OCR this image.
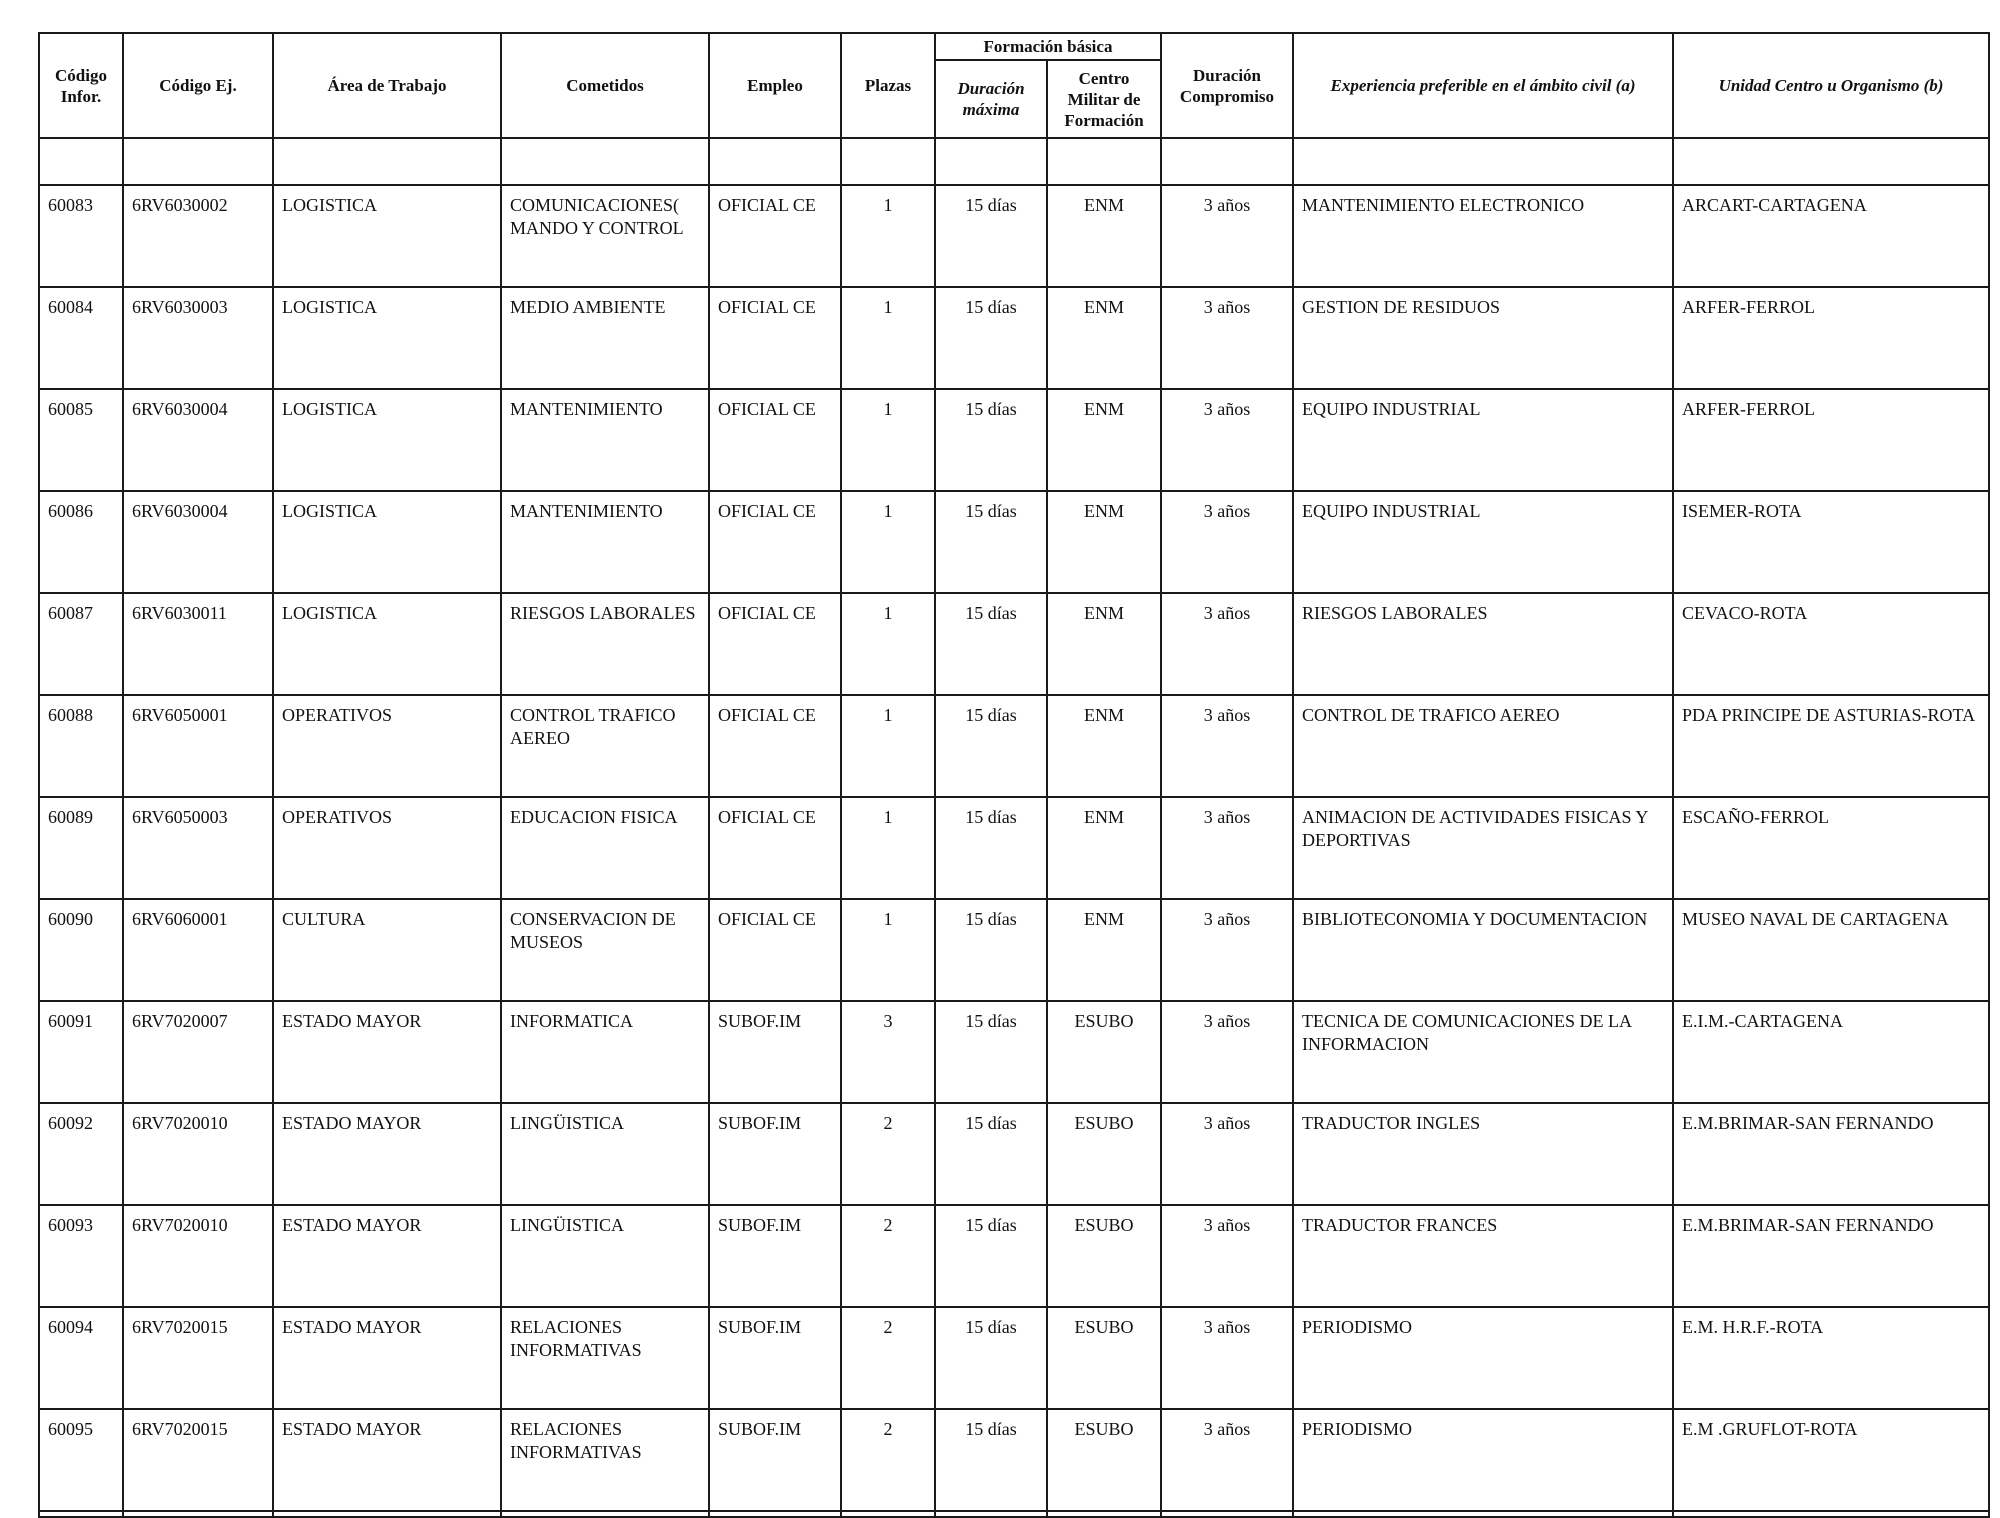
Código Infor.	Código Ej.	Área de Trabajo	Cometidos	Empleo	Plazas	Formación básica		Duración Compromiso	Experiencia preferible en el ámbito civil (a)	Unidad Centro u Organismo (b)
						Duración máxima	Centro Militar de Formación			

60083	6RV6030002	LOGISTICA	COMUNICACIONES( MANDO Y CONTROL	OFICIAL CE	1	15 días	ENM	3 años	MANTENIMIENTO ELECTRONICO	ARCART-CARTAGENA
60084	6RV6030003	LOGISTICA	MEDIO AMBIENTE	OFICIAL CE	1	15 días	ENM	3 años	GESTION DE RESIDUOS	ARFER-FERROL
60085	6RV6030004	LOGISTICA	MANTENIMIENTO	OFICIAL CE	1	15 días	ENM	3 años	EQUIPO INDUSTRIAL	ARFER-FERROL
60086	6RV6030004	LOGISTICA	MANTENIMIENTO	OFICIAL CE	1	15 días	ENM	3 años	EQUIPO INDUSTRIAL	ISEMER-ROTA
60087	6RV6030011	LOGISTICA	RIESGOS LABORALES	OFICIAL CE	1	15 días	ENM	3 años	RIESGOS LABORALES	CEVACO-ROTA
60088	6RV6050001	OPERATIVOS	CONTROL TRAFICO AEREO	OFICIAL CE	1	15 días	ENM	3 años	CONTROL DE TRAFICO AEREO	PDA PRINCIPE DE ASTURIAS-ROTA
60089	6RV6050003	OPERATIVOS	EDUCACION FISICA	OFICIAL CE	1	15 días	ENM	3 años	ANIMACION DE ACTIVIDADES FISICAS Y DEPORTIVAS	ESCAÑO-FERROL
60090	6RV6060001	CULTURA	CONSERVACION DE MUSEOS	OFICIAL CE	1	15 días	ENM	3 años	BIBLIOTECONOMIA Y DOCUMENTACION	MUSEO NAVAL DE CARTAGENA
60091	6RV7020007	ESTADO MAYOR	INFORMATICA	SUBOF.IM	3	15 días	ESUBO	3 años	TECNICA DE COMUNICACIONES DE LA INFORMACION	E.I.M.-CARTAGENA
60092	6RV7020010	ESTADO MAYOR	LINGÜISTICA	SUBOF.IM	2	15 días	ESUBO	3 años	TRADUCTOR INGLES	E.M.BRIMAR-SAN FERNANDO
60093	6RV7020010	ESTADO MAYOR	LINGÜISTICA	SUBOF.IM	2	15 días	ESUBO	3 años	TRADUCTOR FRANCES	E.M.BRIMAR-SAN FERNANDO
60094	6RV7020015	ESTADO MAYOR	RELACIONES INFORMATIVAS	SUBOF.IM	2	15 días	ESUBO	3 años	PERIODISMO	E.M. H.R.F.-ROTA
60095	6RV7020015	ESTADO MAYOR	RELACIONES INFORMATIVAS	SUBOF.IM	2	15 días	ESUBO	3 años	PERIODISMO	E.M .GRUFLOT-ROTA
